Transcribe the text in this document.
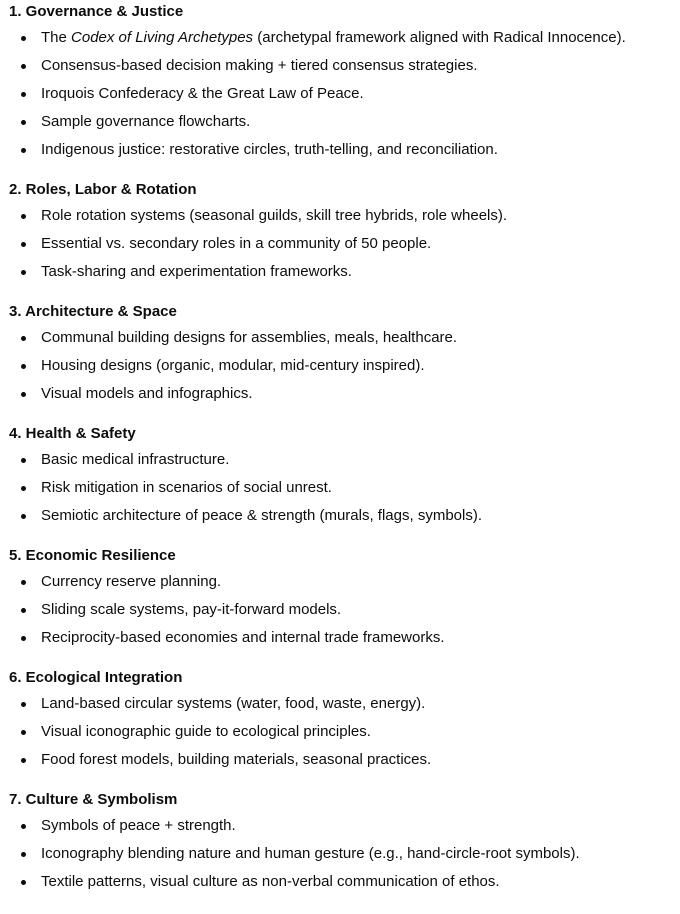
1. Governance & Justice
The Codex of Living Archetypes (archetypal framework aligned with Radical Innocence).
Consensus-based decision making + tiered consensus strategies.
Iroquois Confederacy & the Great Law of Peace.
Sample governance flowcharts.
Indigenous justice: restorative circles, truth-telling, and reconciliation.
2. Roles, Labor & Rotation
Role rotation systems (seasonal guilds, skill tree hybrids, role wheels).
Essential vs. secondary roles in a community of 50 people.
Task-sharing and experimentation frameworks.
3. Architecture & Space
Communal building designs for assemblies, meals, healthcare.
Housing designs (organic, modular, mid-century inspired).
Visual models and infographics.
4. Health & Safety
Basic medical infrastructure.
Risk mitigation in scenarios of social unrest.
Semiotic architecture of peace & strength (murals, flags, symbols).
5. Economic Resilience
Currency reserve planning.
Sliding scale systems, pay-it-forward models.
Reciprocity-based economies and internal trade frameworks.
6. Ecological Integration
Land-based circular systems (water, food, waste, energy).
Visual iconographic guide to ecological principles.
Food forest models, building materials, seasonal practices.
7. Culture & Symbolism
Symbols of peace + strength.
Iconography blending nature and human gesture (e.g., hand-circle-root symbols).
Textile patterns, visual culture as non-verbal communication of ethos.
